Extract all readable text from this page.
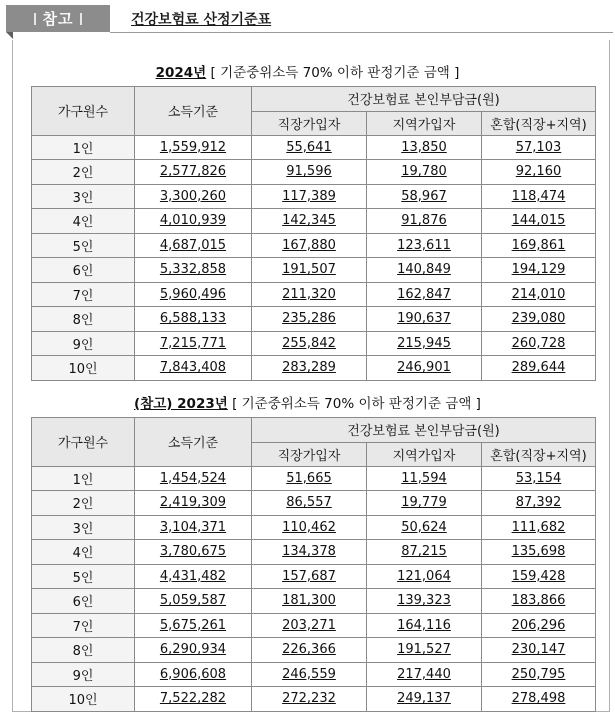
참고	건강보험료 산정기준표
2024년 [ 기준중위소득 70% 이하 판정기준 금액 ]
가구원수	소득기준	건강보험료 본인부담금(원)		
		직장가입자	지역가입자	혼합(직장+지역)
1인	1,559,912	55,641	13,850	57,103
2인	2,577,826	91,596	19,780	92,160
3인	3,300,260	117,389	58,967	118,474
4인	4,010,939	142,345	91,876	144,015
5인	4,687,015	167,880	123,611	169,861
6인	5,332,858	191,507	140,849	194,129
7인	5,960,496	211,320	162,847	214,010
8인	6,588,133	235,286	190,637	239,080
9인	7,215,771	255,842	215,945	260,728
10인	7,843,408	283,289	246,901	289,644
(참고) 2023년 [ 기준중위소득 70% 이하 판정기준 금액 ]
가구원수	소득기준	건강보험료 본인부담금(원)		
		직장가입자	지역가입자	혼합(직장+지역)
1인	1,454,524	51,665	11,594	53,154
2인	2,419,309	86,557	19,779	87,392
3인	3,104,371	110,462	50,624	111,682
4인	3,780,675	134,378	87,215	135,698
5인	4,431,482	157,687	121,064	159,428
6인	5,059,587	181,300	139,323	183,866
7인	5,675,261	203,271	164,116	206,296
8인	6,290,934	226,366	191,527	230,147
9인	6,906,608	246,559	217,440	250,795
10인	7,522,282	272,232	249,137	278,498
